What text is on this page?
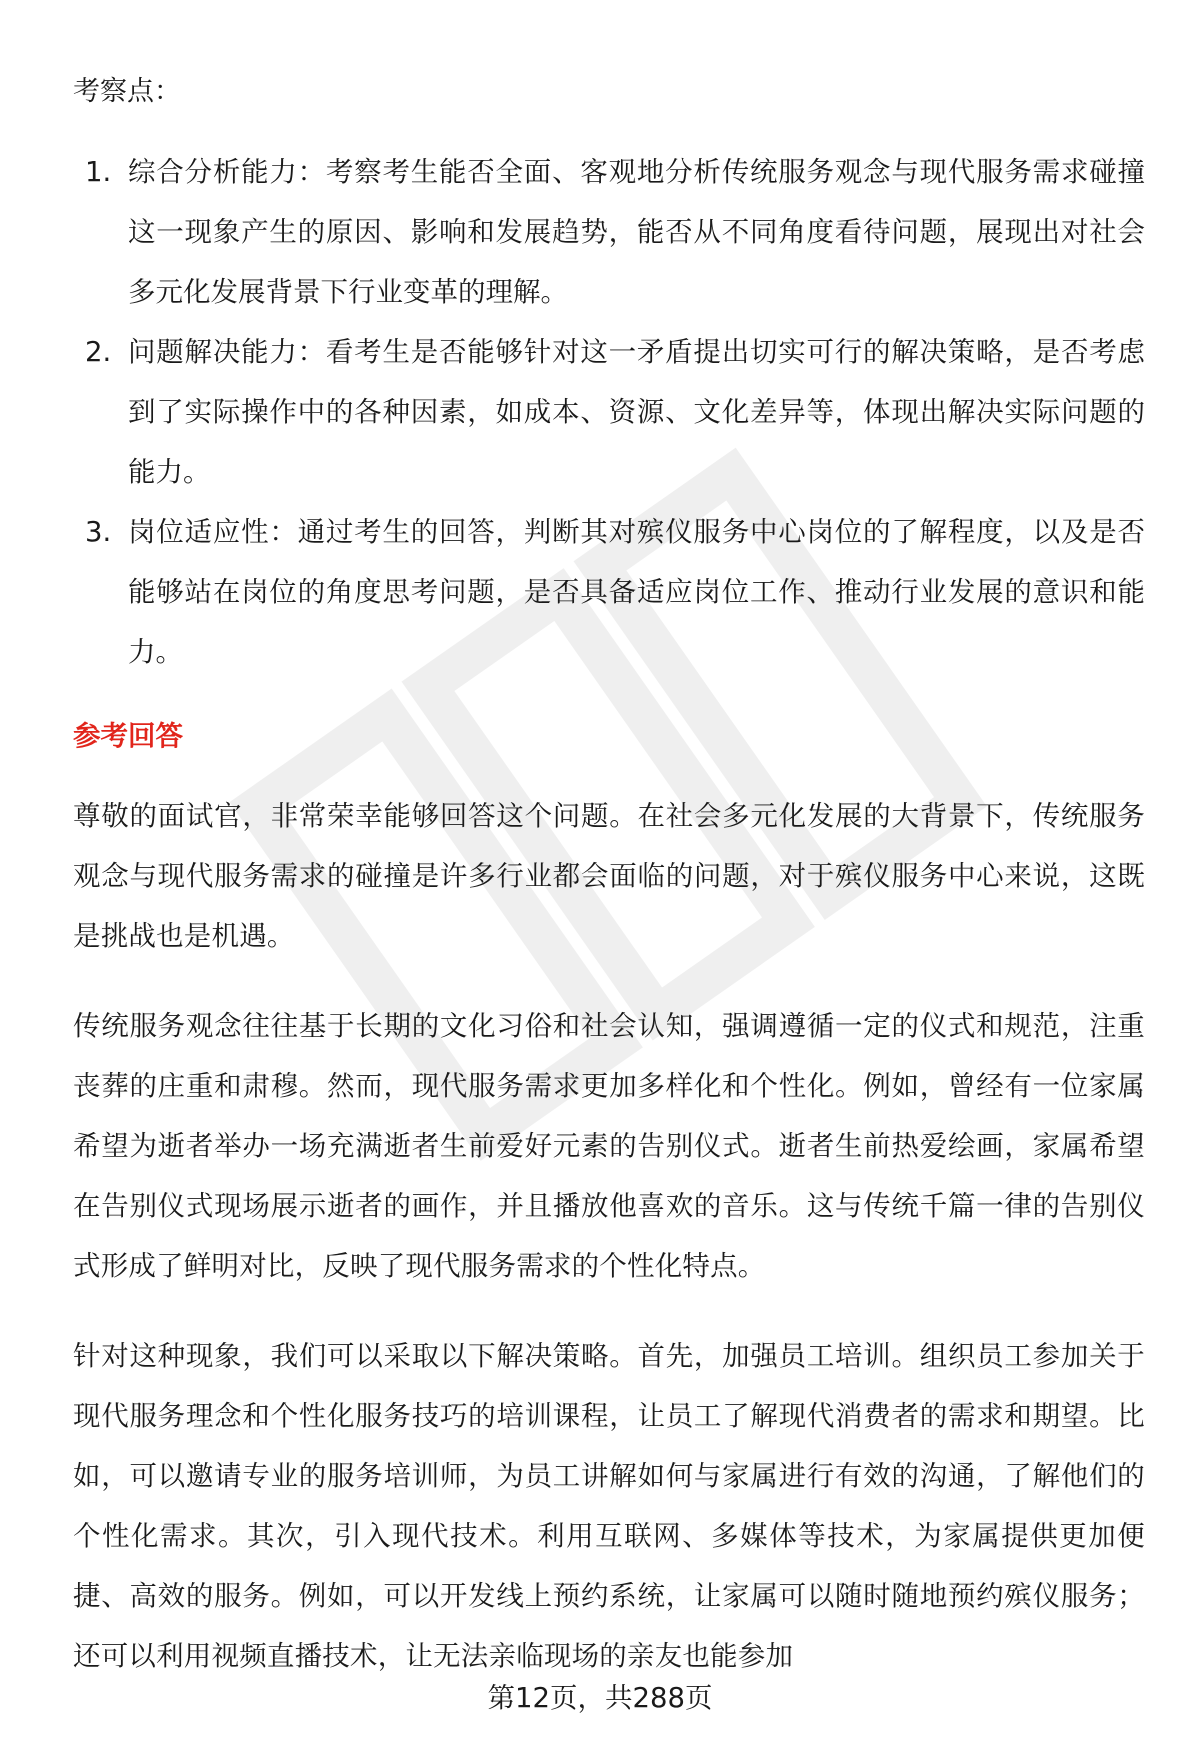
考察点：
1. 综合分析能力：考察考生能否全面、客观地分析传统服务观念与现代服务需求碰撞这一现象产生的原因、影响和发展趋势，能否从不同角度看待问题，展现出对社会多元化发展背景下行业变革的理解。
2. 问题解决能力：看考生是否能够针对这一矛盾提出切实可行的解决策略，是否考虑到了实际操作中的各种因素，如成本、资源、文化差异等，体现出解决实际问题的能力。
3. 岗位适应性：通过考生的回答，判断其对殡仪服务中心岗位的了解程度，以及是否能够站在岗位的角度思考问题，是否具备适应岗位工作、推动行业发展的意识和能力。
参考回答

尊敬的面试官，非常荣幸能够回答这个问题。在社会多元化发展的大背景下，传统服务观念与现代服务需求的碰撞是许多行业都会面临的问题，对于殡仪服务中心来说，这既是挑战也是机遇。

传统服务观念往往基于长期的文化习俗和社会认知，强调遵循一定的仪式和规范，注重丧葬的庄重和肃穆。然而，现代服务需求更加多样化和个性化。例如，曾经有一位家属希望为逝者举办一场充满逝者生前爱好元素的告别仪式。逝者生前热爱绘画，家属希望在告别仪式现场展示逝者的画作，并且播放他喜欢的音乐。这与传统千篇一律的告别仪式形成了鲜明对比，反映了现代服务需求的个性化特点。

针对这种现象，我们可以采取以下解决策略。首先，加强员工培训。组织员工参加关于现代服务理念和个性化服务技巧的培训课程，让员工了解现代消费者的需求和期望。比如，可以邀请专业的服务培训师，为员工讲解如何与家属进行有效的沟通，了解他们的个性化需求。其次，引入现代技术。利用互联网、多媒体等技术，为家属提供更加便捷、高效的服务。例如，可以开发线上预约系统，让家属可以随时随地预约殡仪服务；还可以利用视频直播技术，让无法亲临现场的亲友也能参加

第12页，共288页
